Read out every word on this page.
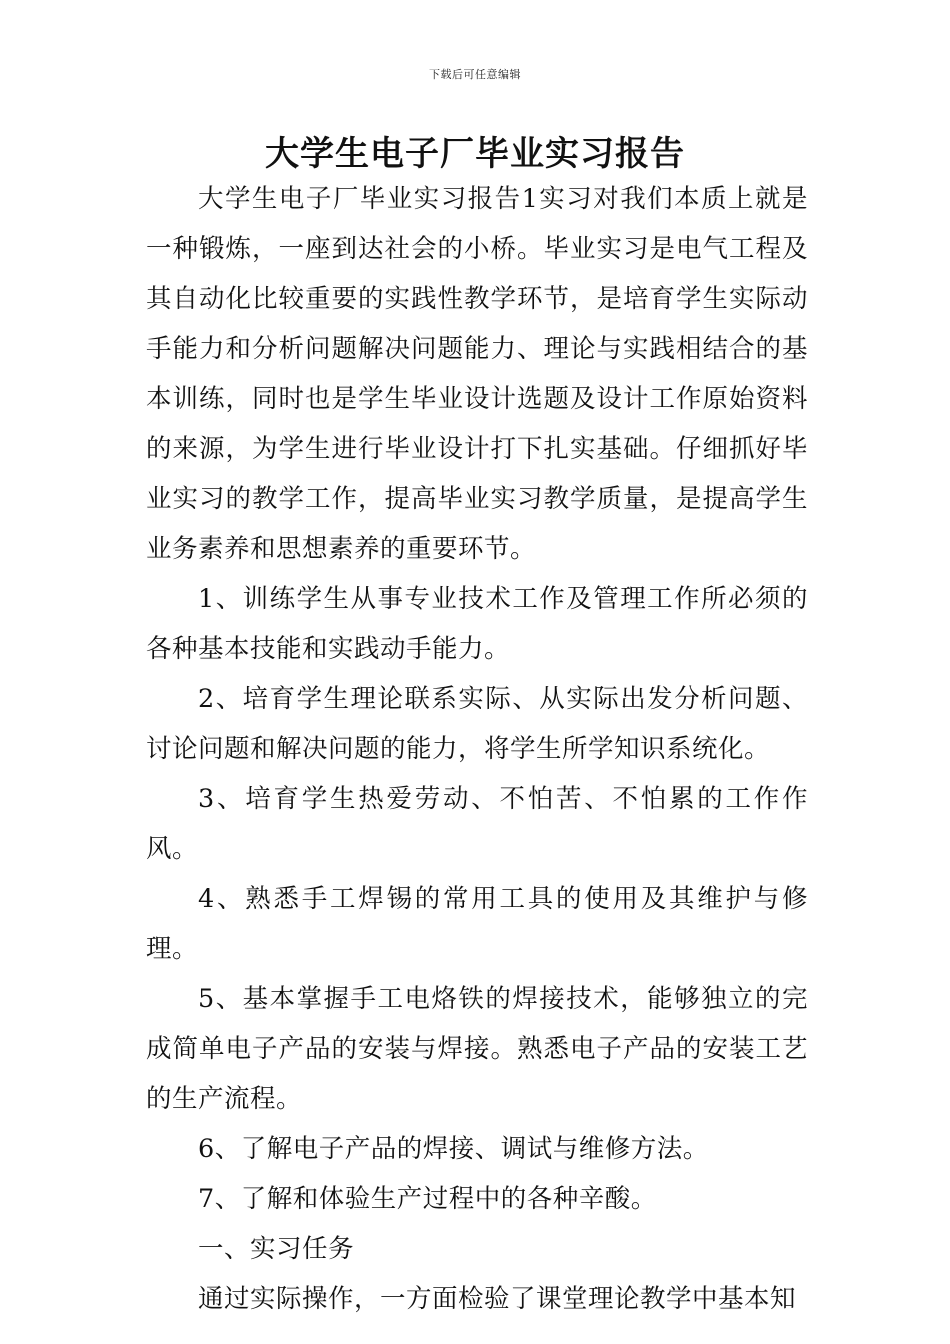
下载后可任意编辑
大学生电子厂毕业实习报告

大学生电子厂毕业实习报告1实习对我们本质上就是一种锻炼，一座到达社会的小桥。毕业实习是电气工程及其自动化比较重要的实践性教学环节，是培育学生实际动手能力和分析问题解决问题能力、理论与实践相结合的基本训练，同时也是学生毕业设计选题及设计工作原始资料的来源，为学生进行毕业设计打下扎实基础。仔细抓好毕业实习的教学工作，提高毕业实习教学质量，是提高学生业务素养和思想素养的重要环节。

1、训练学生从事专业技术工作及管理工作所必须的各种基本技能和实践动手能力。

2、培育学生理论联系实际、从实际出发分析问题、讨论问题和解决问题的能力，将学生所学知识系统化。

3、培育学生热爱劳动、不怕苦、不怕累的工作作风。

4、熟悉手工焊锡的常用工具的使用及其维护与修理。

5、基本掌握手工电烙铁的焊接技术，能够独立的完成简单电子产品的安装与焊接。熟悉电子产品的安装工艺的生产流程。

6、了解电子产品的焊接、调试与维修方法。

7、了解和体验生产过程中的各种辛酸。

一、实习任务

通过实际操作，一方面检验了课堂理论教学中基本知
